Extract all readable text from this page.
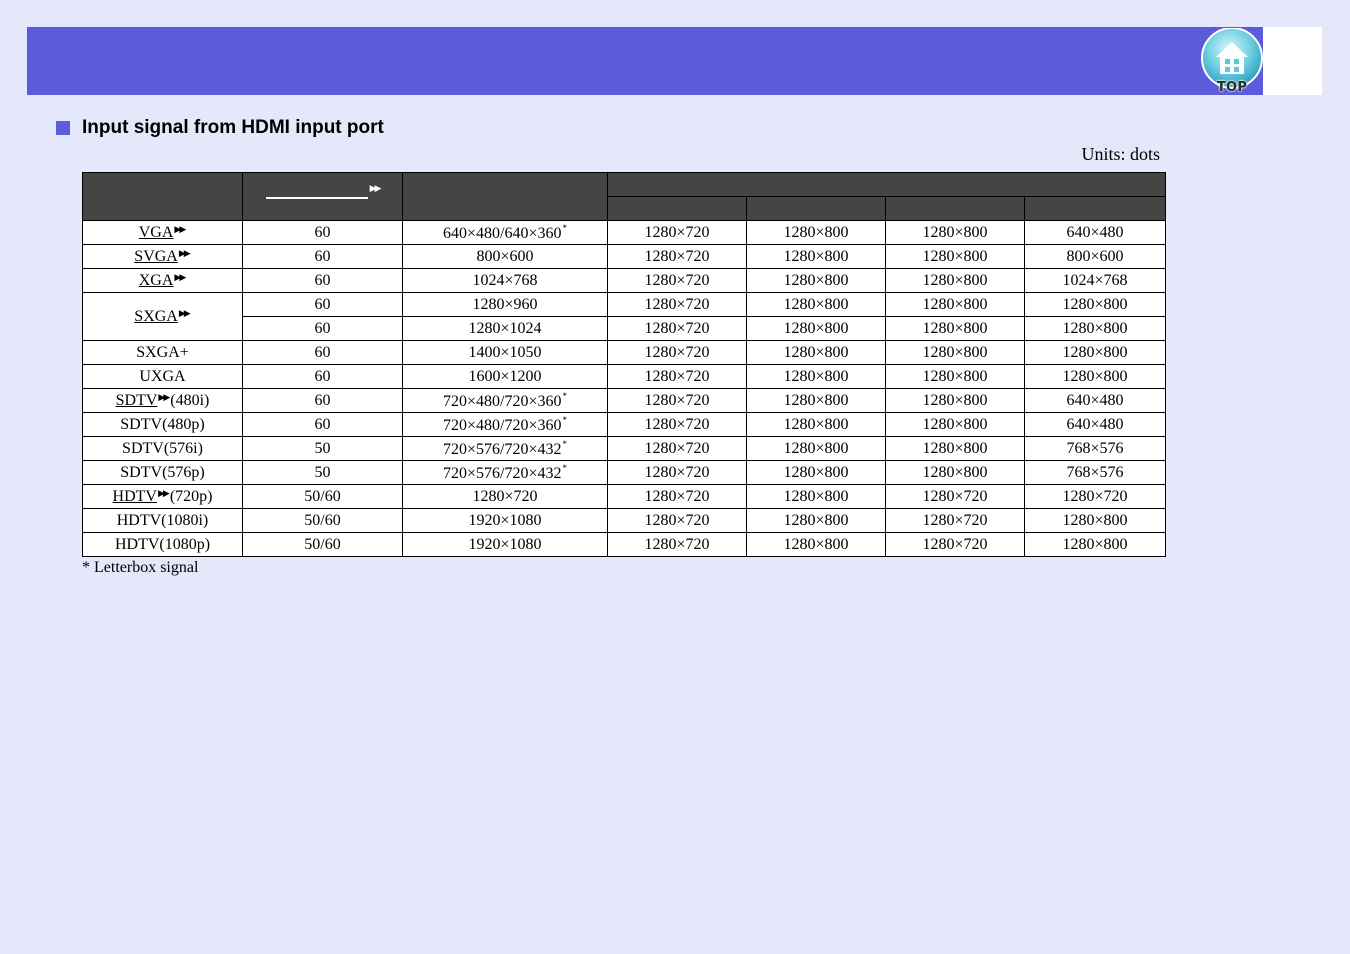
TOP
Input signal from HDMI input port
Units: dots
	▶▶		

VGA▶▶	60	640×480/640×360*	1280×720	1280×800	1280×800	640×480
SVGA▶▶	60	800×600	1280×720	1280×800	1280×800	800×600
XGA▶▶	60	1024×768	1280×720	1280×800	1280×800	1024×768
SXGA▶▶	60	1280×960	1280×720	1280×800	1280×800	1280×800
	60	1280×1024	1280×720	1280×800	1280×800	1280×800
SXGA+	60	1400×1050	1280×720	1280×800	1280×800	1280×800
UXGA	60	1600×1200	1280×720	1280×800	1280×800	1280×800
SDTV▶▶ (480i)	60	720×480/720×360*	1280×720	1280×800	1280×800	640×480
SDTV(480p)	60	720×480/720×360*	1280×720	1280×800	1280×800	640×480
SDTV(576i)	50	720×576/720×432*	1280×720	1280×800	1280×800	768×576
SDTV(576p)	50	720×576/720×432*	1280×720	1280×800	1280×800	768×576
HDTV▶▶ (720p)	50/60	1280×720	1280×720	1280×800	1280×720	1280×720
HDTV(1080i)	50/60	1920×1080	1280×720	1280×800	1280×720	1280×800
HDTV(1080p)	50/60	1920×1080	1280×720	1280×800	1280×720	1280×800
* Letterbox signal
